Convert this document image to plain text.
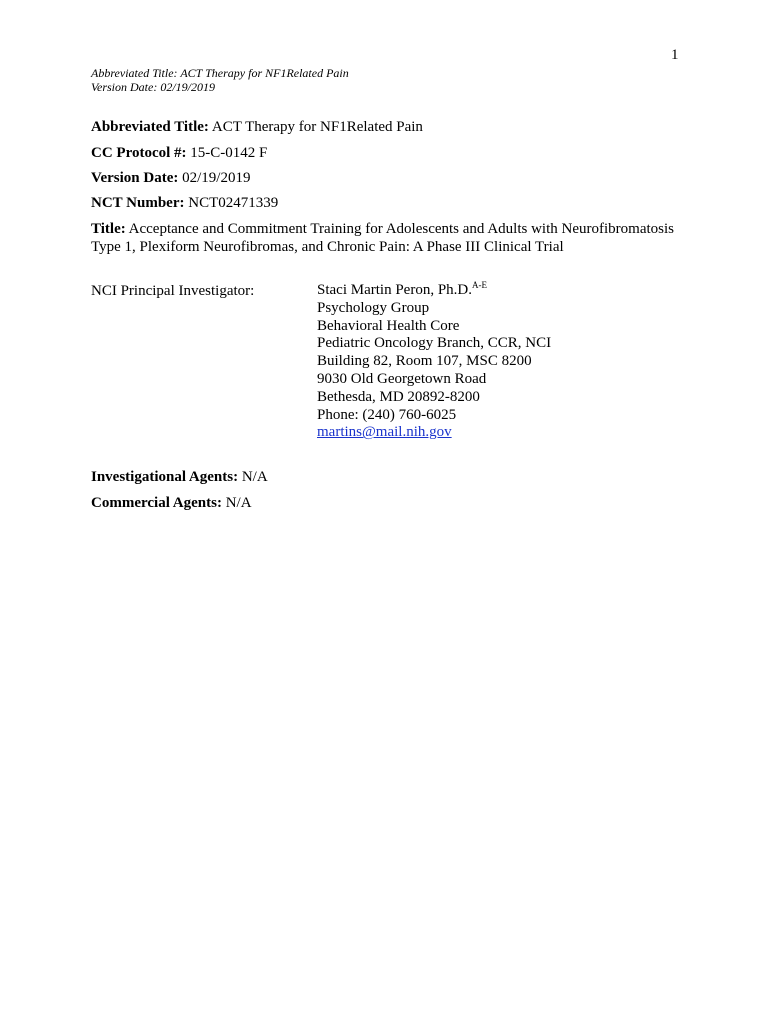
1
Abbreviated Title: ACT Therapy for NF1Related Pain
Version Date: 02/19/2019
Abbreviated Title: ACT Therapy for NF1Related Pain
CC Protocol #: 15-C-0142 F
Version Date: 02/19/2019
NCT Number: NCT02471339
Title: Acceptance and Commitment Training for Adolescents and Adults with Neurofibromatosis Type 1, Plexiform Neurofibromas, and Chronic Pain: A Phase III Clinical Trial
NCI Principal Investigator:	Staci Martin Peron, Ph.D.$^{A-E}$
Psychology Group
Behavioral Health Core
Pediatric Oncology Branch, CCR, NCI
Building 82, Room 107, MSC 8200
9030 Old Georgetown Road
Bethesda, MD 20892-8200
Phone: (240) 760-6025
martins@mail.nih.gov
Investigational Agents: N/A
Commercial Agents: N/A
